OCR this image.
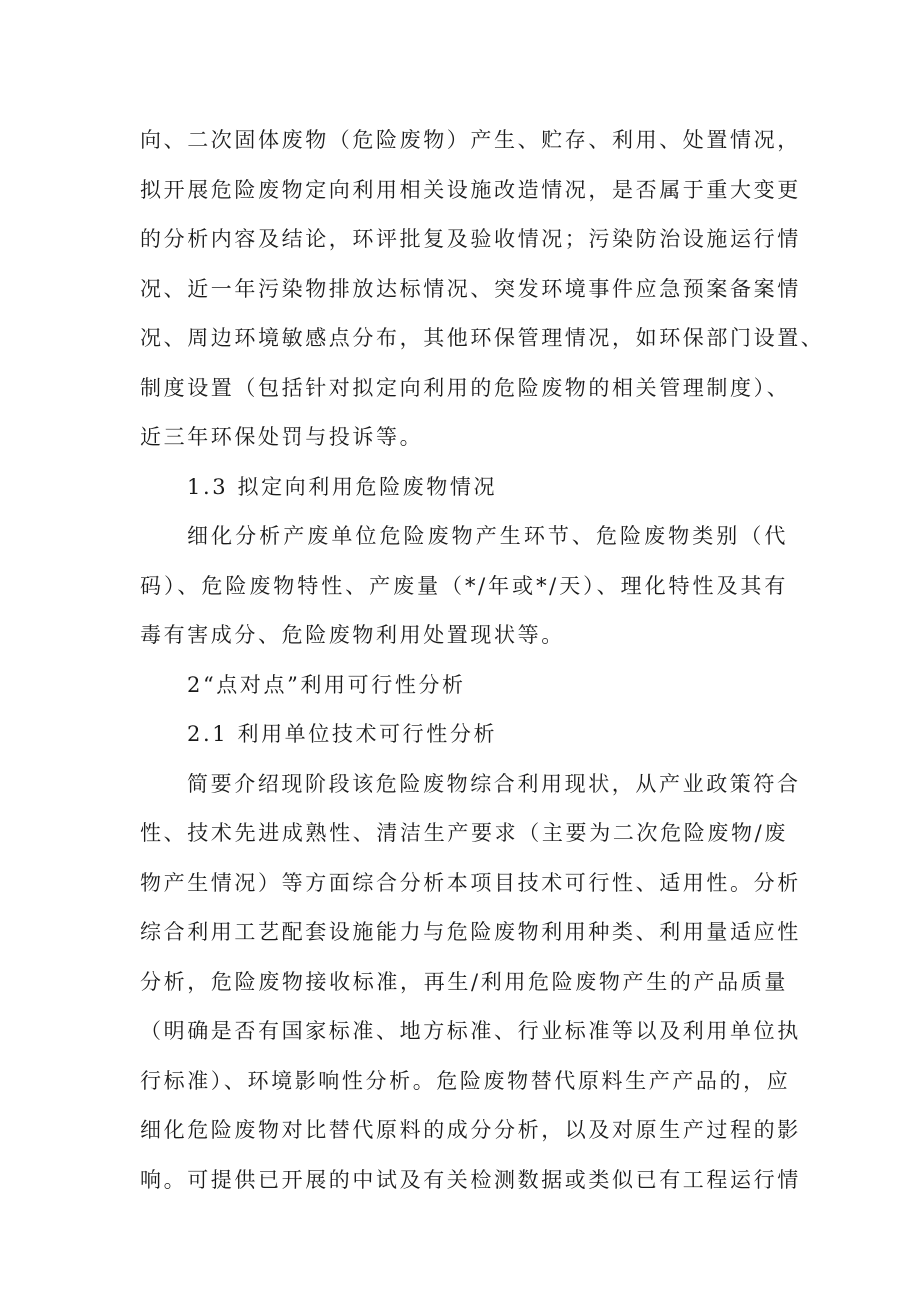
向、二次固体废物（危险废物）产生、贮存、利用、处置情况，
拟开展危险废物定向利用相关设施改造情况，是否属于重大变更
的分析内容及结论，环评批复及验收情况；污染防治设施运行情
况、近一年污染物排放达标情况、突发环境事件应急预案备案情
况、周边环境敏感点分布，其他环保管理情况，如环保部门设置、
制度设置（包括针对拟定向利用的危险废物的相关管理制度）、
近三年环保处罚与投诉等。
1.3 拟定向利用危险废物情况
细化分析产废单位危险废物产生环节、危险废物类别（代
码）、危险废物特性、产废量（*/年或*/天）、理化特性及其有
毒有害成分、危险废物利用处置现状等。
2“点对点”利用可行性分析
2.1 利用单位技术可行性分析
简要介绍现阶段该危险废物综合利用现状，从产业政策符合
性、技术先进成熟性、清洁生产要求（主要为二次危险废物/废
物产生情况）等方面综合分析本项目技术可行性、适用性。分析
综合利用工艺配套设施能力与危险废物利用种类、利用量适应性
分析，危险废物接收标准，再生/利用危险废物产生的产品质量
（明确是否有国家标准、地方标准、行业标准等以及利用单位执
行标准）、环境影响性分析。危险废物替代原料生产产品的，应
细化危险废物对比替代原料的成分分析，以及对原生产过程的影
响。可提供已开展的中试及有关检测数据或类似已有工程运行情
